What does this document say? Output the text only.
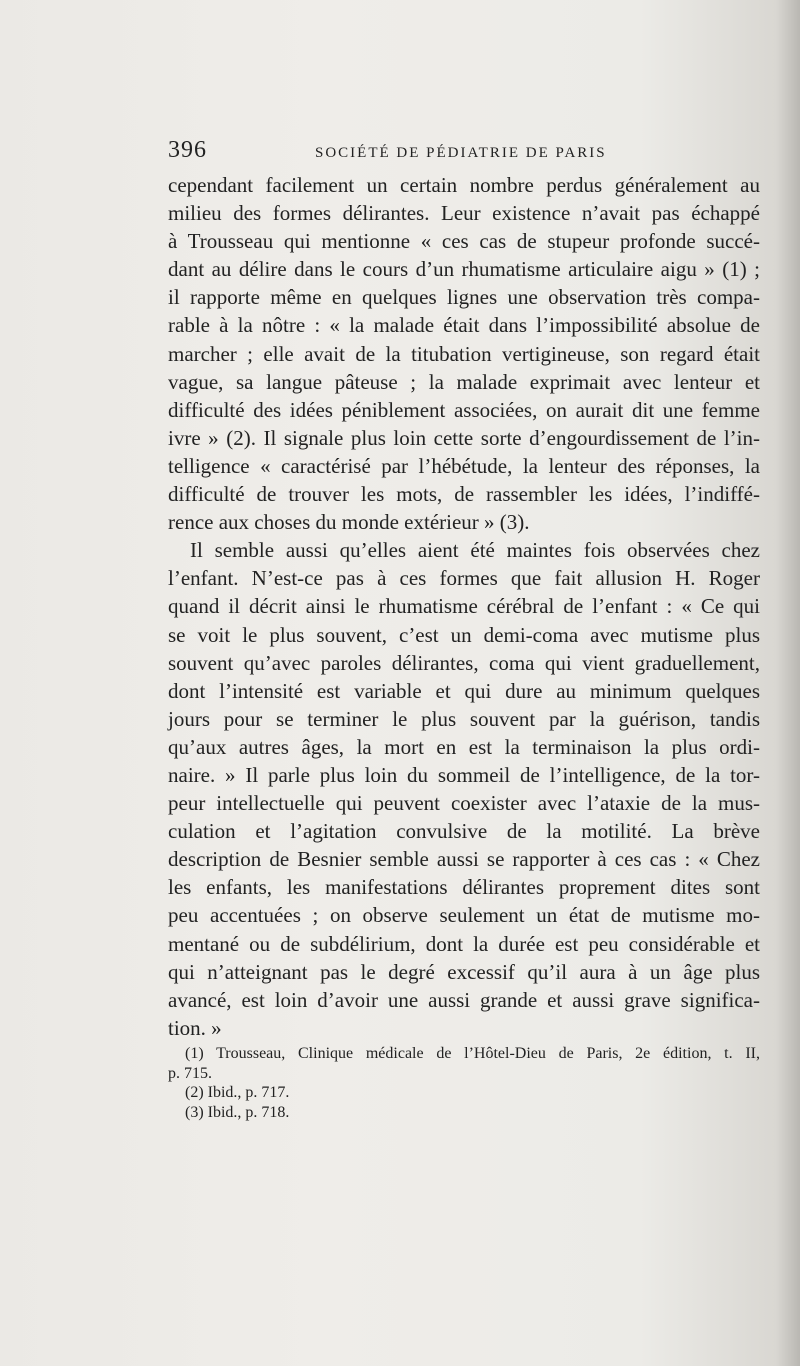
396	SOCIÉTÉ DE PÉDIATRIE DE PARIS
cependant facilement un certain nombre perdus généralement au
milieu des formes délirantes. Leur existence n’avait pas échappé
à Trousseau qui mentionne « ces cas de stupeur profonde succé-
dant au délire dans le cours d’un rhumatisme articulaire aigu » (1) ;
il rapporte même en quelques lignes une observation très compa-
rable à la nôtre : « la malade était dans l’impossibilité absolue de
marcher ; elle avait de la titubation vertigineuse, son regard était
vague, sa langue pâteuse ; la malade exprimait avec lenteur et
difficulté des idées péniblement associées, on aurait dit une femme
ivre » (2). Il signale plus loin cette sorte d’engourdissement de l’in-
telligence « caractérisé par l’hébétude, la lenteur des réponses, la
difficulté de trouver les mots, de rassembler les idées, l’indiffé-
rence aux choses du monde extérieur » (3).
Il semble aussi qu’elles aient été maintes fois observées chez
l’enfant. N’est-ce pas à ces formes que fait allusion H. Roger
quand il décrit ainsi le rhumatisme cérébral de l’enfant : « Ce qui
se voit le plus souvent, c’est un demi-coma avec mutisme plus
souvent qu’avec paroles délirantes, coma qui vient graduellement,
dont l’intensité est variable et qui dure au minimum quelques
jours pour se terminer le plus souvent par la guérison, tandis
qu’aux autres âges, la mort en est la terminaison la plus ordi-
naire. » Il parle plus loin du sommeil de l’intelligence, de la tor-
peur intellectuelle qui peuvent coexister avec l’ataxie de la mus-
culation et l’agitation convulsive de la motilité. La brève
description de Besnier semble aussi se rapporter à ces cas : « Chez
les enfants, les manifestations délirantes proprement dites sont
peu accentuées ; on observe seulement un état de mutisme mo-
mentané ou de subdélirium, dont la durée est peu considérable et
qui n’atteignant pas le degré excessif qu’il aura à un âge plus
avancé, est loin d’avoir une aussi grande et aussi grave significa-
tion. »
(1) Trousseau, Clinique médicale de l’Hôtel-Dieu de Paris, 2e édition, t. II,
p. 715.
(2) Ibid., p. 717.
(3) Ibid., p. 718.
